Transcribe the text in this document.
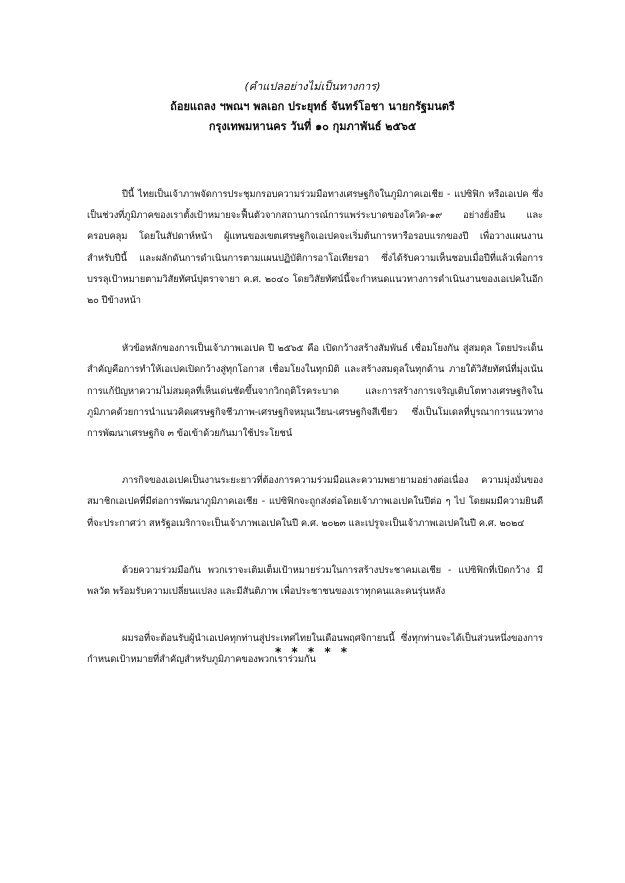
(คำแปลอย่างไม่เป็นทางการ)
ถ้อยแถลง ฯพณฯ พลเอก ประยุทธ์ จันทร์โอชา นายกรัฐมนตรี
กรุงเทพมหานคร วันที่ ๑๐ กุมภาพันธ์ ๒๕๖๕

ปีนี้ ไทยเป็นเจ้าภาพจัดการประชุมกรอบความร่วมมือทางเศรษฐกิจในภูมิภาคเอเชีย - แปซิฟิก หรือเอเปค ซึ่งเป็นช่วงที่ภูมิภาคของเราตั้งเป้าหมายจะฟื้นตัวจากสถานการณ์การแพร่ระบาดของโควิด-๑๙ อย่างยั่งยืน และครอบคลุม โดยในสัปดาห์หน้า ผู้แทนของเขตเศรษฐกิจเอเปคจะเริ่มต้นการหารือรอบแรกของปี เพื่อวางแผนงานสำหรับปีนี้ และผลักดันการดำเนินการตามแผนปฏิบัติการอาโอเทียรอา ซึ่งได้รับความเห็นชอบเมื่อปีที่แล้วเพื่อการบรรลุเป้าหมายตามวิสัยทัศน์ปุตราจายา ค.ศ. ๒๐๔๐ โดยวิสัยทัศน์นี้จะกำหนดแนวทางการดำเนินงานของเอเปคในอีก ๒๐ ปีข้างหน้า

หัวข้อหลักของการเป็นเจ้าภาพเอเปค ปี ๒๕๖๕ คือ เปิดกว้างสร้างสัมพันธ์ เชื่อมโยงกัน สู่สมดุล โดยประเด็นสำคัญคือการทำให้เอเปคเปิดกว้างสู่ทุกโอกาส เชื่อมโยงในทุกมิติ และสร้างสมดุลในทุกด้าน ภายใต้วิสัยทัศน์ที่มุ่งเน้นการแก้ปัญหาความไม่สมดุลที่เห็นเด่นชัดขึ้นจากวิกฤติโรคระบาด และการสร้างการเจริญเติบโตทางเศรษฐกิจในภูมิภาคด้วยการนำแนวคิดเศรษฐกิจชีวภาพ-เศรษฐกิจหมุนเวียน-เศรษฐกิจสีเขียว ซึ่งเป็นโมเดลที่บูรณาการแนวทางการพัฒนาเศรษฐกิจ ๓ ข้อเข้าด้วยกันมาใช้ประโยชน์

ภารกิจของเอเปคเป็นงานระยะยาวที่ต้องการความร่วมมือและความพยายามอย่างต่อเนื่อง ความมุ่งมั่นของสมาชิกเอเปคที่มีต่อการพัฒนาภูมิภาคเอเชีย - แปซิฟิกจะถูกส่งต่อโดยเจ้าภาพเอเปคในปีต่อ ๆ ไป โดยผมมีความยินดีที่จะประกาศว่า สหรัฐอเมริกาจะเป็นเจ้าภาพเอเปคในปี ค.ศ. ๒๐๒๓ และเปรูจะเป็นเจ้าภาพเอเปคในปี ค.ศ. ๒๐๒๔

ด้วยความร่วมมือกัน พวกเราจะเติมเต็มเป้าหมายร่วมในการสร้างประชาคมเอเชีย - แปซิฟิกที่เปิดกว้าง มีพลวัต พร้อมรับความเปลี่ยนแปลง และมีสันติภาพ เพื่อประชาชนของเราทุกคนและคนรุ่นหลัง

ผมรอที่จะต้อนรับผู้นำเอเปคทุกท่านสู่ประเทศไทยในเดือนพฤศจิกายนนี้ ซึ่งทุกท่านจะได้เป็นส่วนหนึ่งของการกำหนดเป้าหมายที่สำคัญสำหรับภูมิภาคของพวกเราร่วมกัน

* * * * *
